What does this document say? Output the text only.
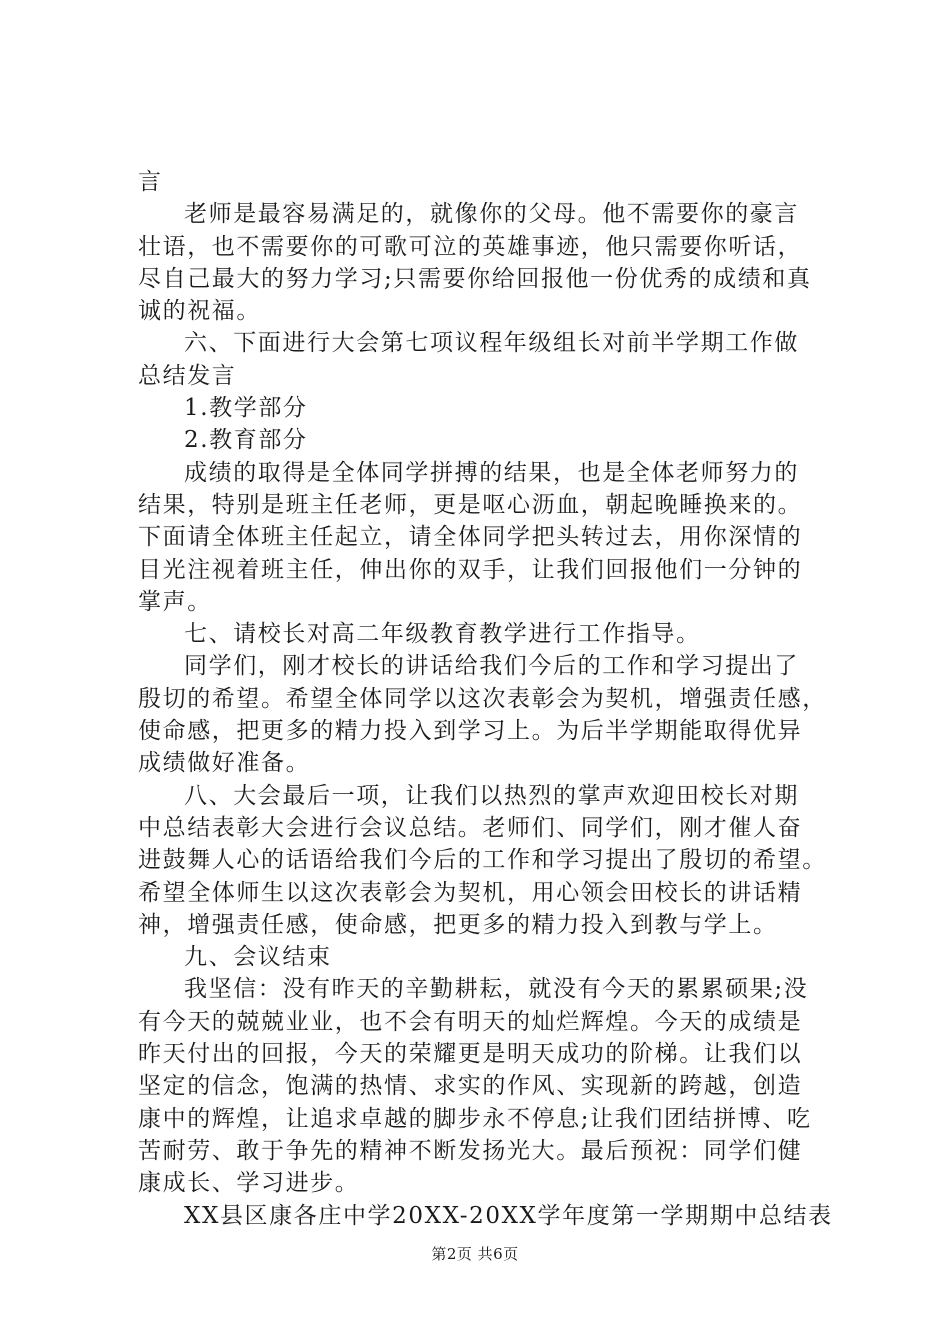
言
老师是最容易满足的，就像你的父母。他不需要你的豪言
壮语，也不需要你的可歌可泣的英雄事迹，他只需要你听话，
尽自己最大的努力学习;只需要你给回报他一份优秀的成绩和真
诚的祝福。
六、下面进行大会第七项议程年级组长对前半学期工作做
总结发言
1.教学部分
2.教育部分
成绩的取得是全体同学拼搏的结果，也是全体老师努力的
结果，特别是班主任老师，更是呕心沥血，朝起晚睡换来的。
下面请全体班主任起立，请全体同学把头转过去，用你深情的
目光注视着班主任，伸出你的双手，让我们回报他们一分钟的
掌声。
七、请校长对高二年级教育教学进行工作指导。
同学们，刚才校长的讲话给我们今后的工作和学习提出了
殷切的希望。希望全体同学以这次表彰会为契机，增强责任感，
使命感，把更多的精力投入到学习上。为后半学期能取得优异
成绩做好准备。
八、大会最后一项，让我们以热烈的掌声欢迎田校长对期
中总结表彰大会进行会议总结。老师们、同学们，刚才催人奋
进鼓舞人心的话语给我们今后的工作和学习提出了殷切的希望。
希望全体师生以这次表彰会为契机，用心领会田校长的讲话精
神，增强责任感，使命感，把更多的精力投入到教与学上。
九、会议结束
我坚信：没有昨天的辛勤耕耘，就没有今天的累累硕果;没
有今天的兢兢业业，也不会有明天的灿烂辉煌。今天的成绩是
昨天付出的回报，今天的荣耀更是明天成功的阶梯。让我们以
坚定的信念，饱满的热情、求实的作风、实现新的跨越，创造
康中的辉煌，让追求卓越的脚步永不停息;让我们团结拼博、吃
苦耐劳、敢于争先的精神不断发扬光大。最后预祝：同学们健
康成长、学习进步。
XX县区康各庄中学20XX-20XX学年度第一学期期中总结表
第2页 共6页
